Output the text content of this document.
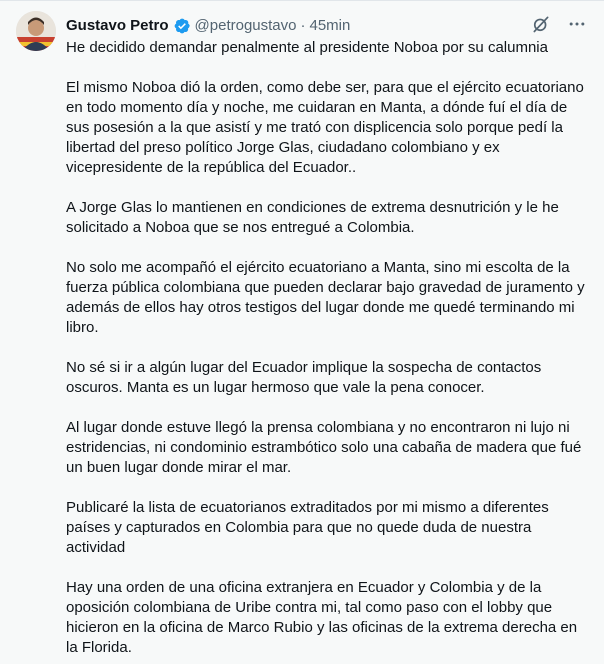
Gustavo Petro @petrogustavo · 45min

He decidido demandar penalmente al presidente Noboa por su calumnia

El mismo Noboa dió la orden, como debe ser, para que el ejército ecuatoriano en todo momento día y noche, me cuidaran en Manta, a dónde fuí el día de sus posesión a la que asistí y me trató con displicencia solo porque pedí la libertad del preso político Jorge Glas, ciudadano colombiano y ex vicepresidente de la república del Ecuador..

A Jorge Glas lo mantienen en condiciones de extrema desnutrición y le he solicitado a Noboa que se nos entregué a Colombia.

No solo me acompañó el ejército ecuatoriano a Manta, sino mi escolta de la fuerza pública colombiana que pueden declarar bajo gravedad de juramento y además de ellos hay otros testigos del lugar donde me quedé terminando mi libro.

No sé si ir a algún lugar del Ecuador implique la sospecha de contactos oscuros. Manta es un lugar hermoso que vale la pena conocer.

Al lugar donde estuve llegó la prensa colombiana y no encontraron ni lujo ni estridencias, ni condominio estrambótico solo una cabaña de madera que fué un buen lugar donde mirar el mar.

Publicaré la lista de ecuatorianos extraditados por mi mismo a diferentes países y capturados en Colombia para que no quede duda de nuestra actividad

Hay una orden de una oficina extranjera en Ecuador y Colombia y de la oposición colombiana de Uribe contra mi, tal como paso con el lobby que hicieron en la oficina de Marco Rubio y las oficinas de la extrema derecha en la Florida.
